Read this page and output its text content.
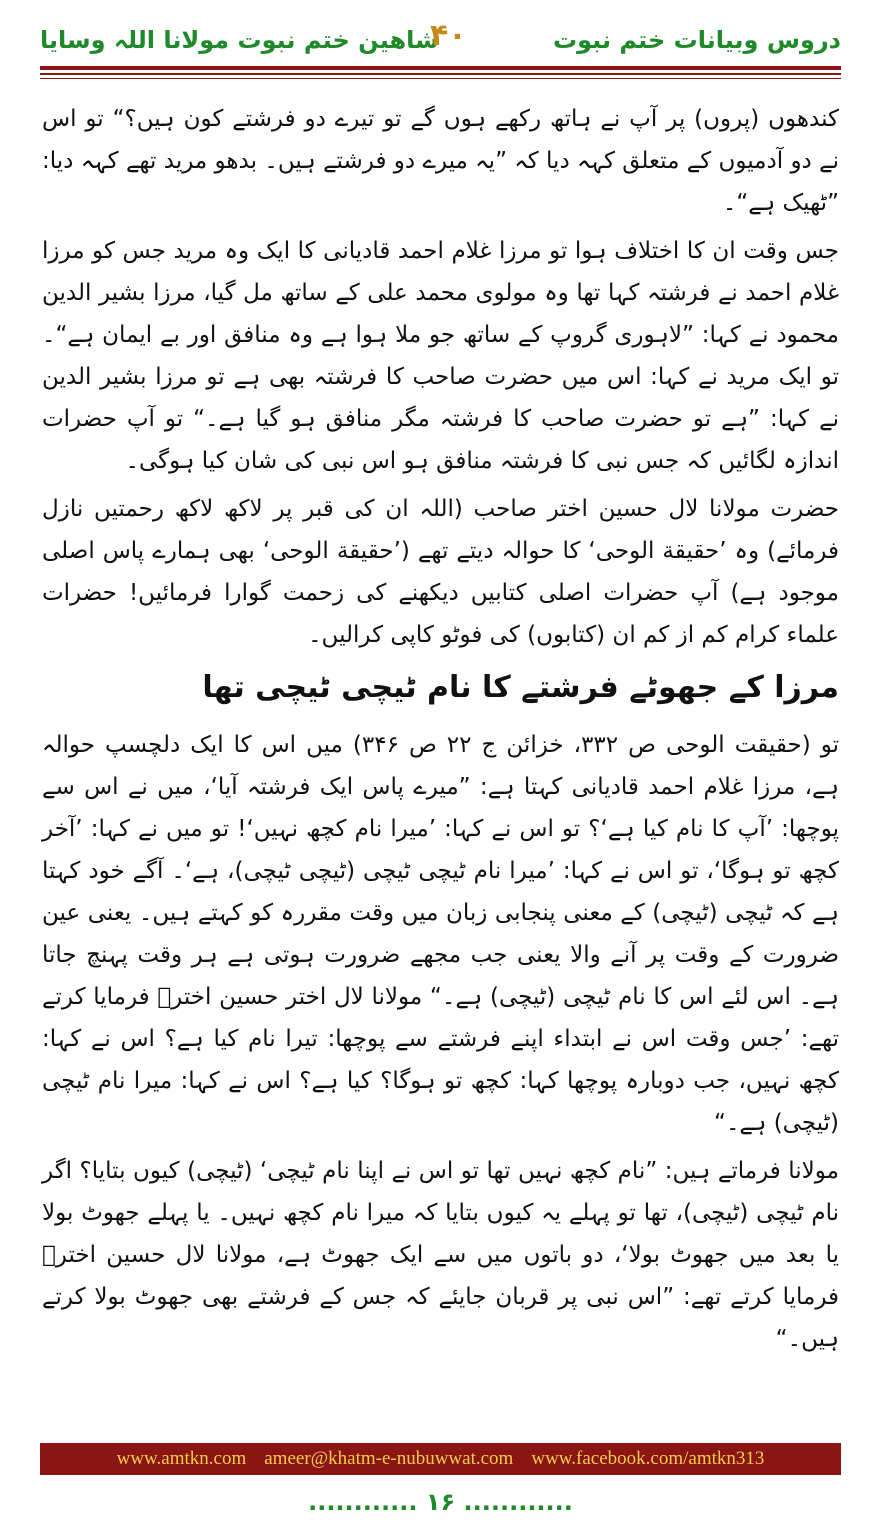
شاهین ختم نبوت مولانا اللہ وسایا
۴۰	دروس وبیانات ختم نبوت

کندھوں (پروں) پر آپ نے ہاتھ رکھے ہوں گے تو تیرے دو فرشتے کون ہیں؟“ تو اس نے دو آدمیوں کے متعلق کہہ دیا کہ ”یہ میرے دو فرشتے ہیں۔ بدھو مرید تھے کہہ دیا: ”ٹھیک ہے“۔

جس وقت ان کا اختلاف ہوا تو مرزا غلام احمد قادیانی کا ایک وہ مرید جس کو مرزا غلام احمد نے فرشتہ کہا تھا وہ مولوی محمد علی کے ساتھ مل گیا، مرزا بشیر الدین محمود نے کہا: ”لاہوری گروپ کے ساتھ جو ملا ہوا ہے وہ منافق اور بے ایمان ہے“۔ تو ایک مرید نے کہا: اس میں حضرت صاحب کا فرشتہ بھی ہے تو مرزا بشیر الدین نے کہا: ”ہے تو حضرت صاحب کا فرشتہ مگر منافق ہو گیا ہے۔“ تو آپ حضرات اندازہ لگائیں کہ جس نبی کا فرشتہ منافق ہو اس نبی کی شان کیا ہوگی۔

حضرت مولانا لال حسین اختر صاحب (اللہ ان کی قبر پر لاکھ لاکھ رحمتیں نازل فرمائے) وہ ’حقیقة الوحی‘ کا حوالہ دیتے تھے (’حقیقة الوحی‘ بھی ہمارے پاس اصلی موجود ہے) آپ حضرات اصلی کتابیں دیکھنے کی زحمت گوارا فرمائیں! حضرات علماء کرام کم از کم ان (کتابوں) کی فوٹو کاپی کرالیں۔

مرزا کے جھوٹے فرشتے کا نام ٹیچی ٹیچی تھا

تو (حقیقت الوحی ص ۳۳۲، خزائن ج ۲۲ ص ۳۴۶) میں اس کا ایک دلچسپ حوالہ ہے، مرزا غلام احمد قادیانی کہتا ہے: ”میرے پاس ایک فرشتہ آیا‘، میں نے اس سے پوچھا: ’آپ کا نام کیا ہے‘؟ تو اس نے کہا: ’میرا نام کچھ نہیں‘! تو میں نے کہا: ’آخر کچھ تو ہوگا‘، تو اس نے کہا: ’میرا نام ٹیچی ٹیچی (ٹیچی ٹیچی)، ہے‘۔ آگے خود کہتا ہے کہ ٹیچی (ٹیچی) کے معنی پنجابی زبان میں وقت مقررہ کو کہتے ہیں۔ یعنی عین ضرورت کے وقت پر آنے والا یعنی جب مجھے ضرورت ہوتی ہے ہر وقت پہنچ جاتا ہے۔ اس لئے اس کا نام ٹیچی (ٹیچی) ہے۔“ مولانا لال اختر حسین اخترؒ فرمایا کرتے تھے: ’جس وقت اس نے ابتداء اپنے فرشتے سے پوچھا: تیرا نام کیا ہے؟ اس نے کہا: کچھ نہیں، جب دوبارہ پوچھا کہا: کچھ تو ہوگا؟ کیا ہے؟ اس نے کہا: میرا نام ٹیچی (ٹیچی) ہے۔“

مولانا فرماتے ہیں: ”نام کچھ نہیں تھا تو اس نے اپنا نام ٹیچی‘ (ٹیچی) کیوں بتایا؟ اگر نام ٹیچی (ٹیچی)، تھا تو پہلے یہ کیوں بتایا کہ میرا نام کچھ نہیں۔ یا پہلے جھوٹ بولا یا بعد میں جھوٹ بولا‘، دو باتوں میں سے ایک جھوٹ ہے، مولانا لال حسین اخترؒ فرمایا کرتے تھے: ”اس نبی پر قربان جایئے کہ جس کے فرشتے بھی جھوٹ بولا کرتے ہیں۔“

www.amtkn.com ameer@khatm-e-nubuwwat.com www.facebook.com/amtkn313
............ ۱۶ ............
